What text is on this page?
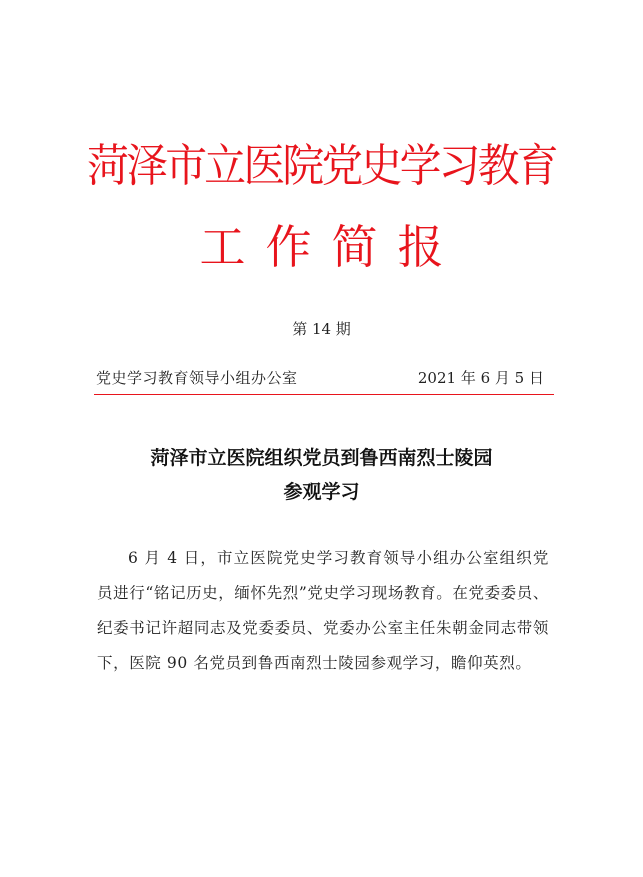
菏泽市立医院党史学习教育
工作简报
第 14 期
党史学习教育领导小组办公室	2021 年 6 月 5 日
菏泽市立医院组织党员到鲁西南烈士陵园
参观学习
6 月 4 日，市立医院党史学习教育领导小组办公室组织党员进行“铭记历史，缅怀先烈”党史学习现场教育。在党委委员、纪委书记许超同志及党委委员、党委办公室主任朱朝金同志带领下，医院 90 名党员到鲁西南烈士陵园参观学习，瞻仰英烈。
